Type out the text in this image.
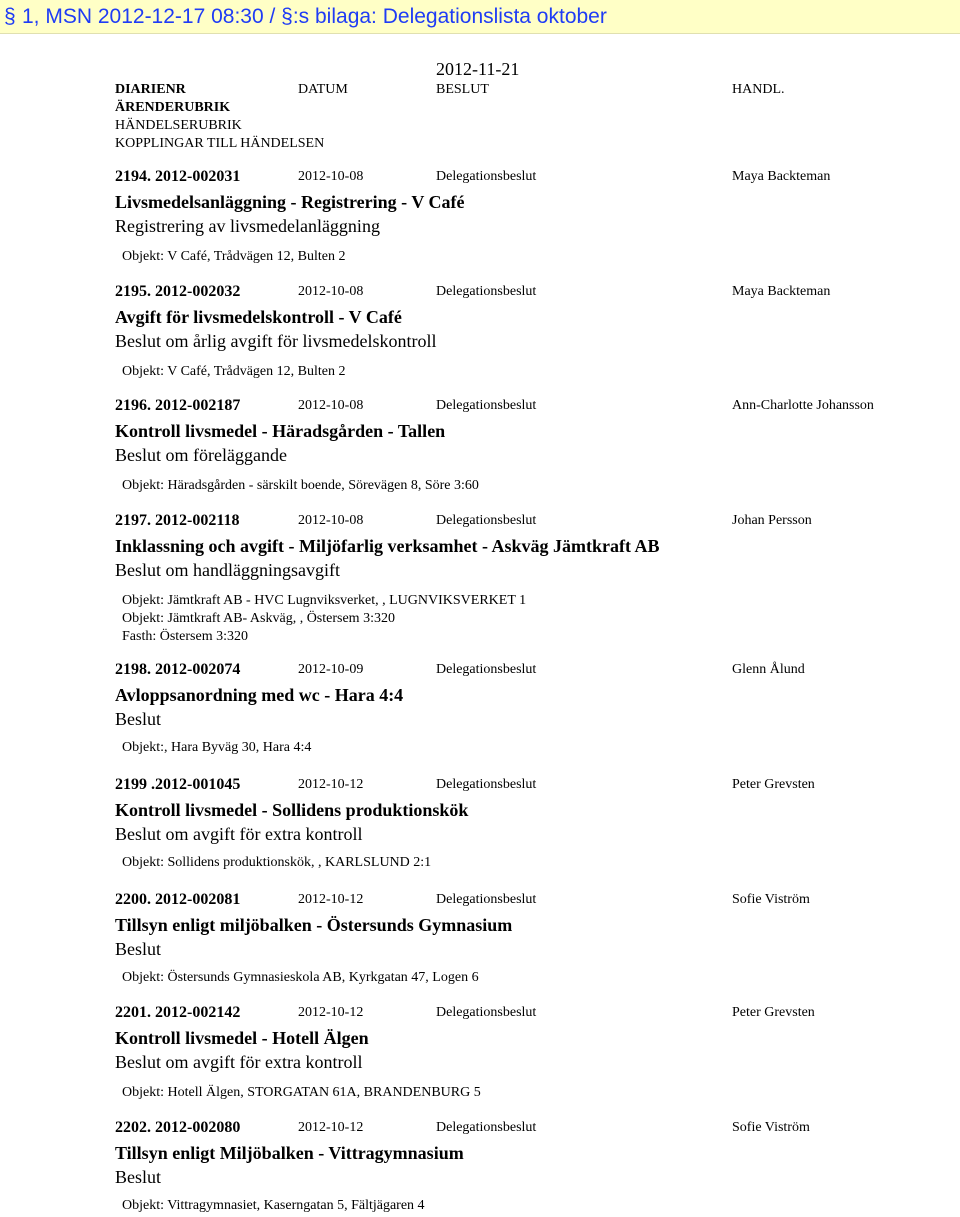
§ 1, MSN 2012-12-17 08:30 / §:s bilaga: Delegationslista oktober
2012-11-21
DIARIENR	DATUM	BESLUT	HANDL.
ÄRENDERUBRIK
HÄNDELSERUBRIK
KOPPLINGAR TILL HÄNDELSEN
2194. 2012-002031	2012-10-08	Delegationsbeslut	Maya Backteman
Livsmedelsanläggning - Registrering - V Café
Registrering av livsmedelanläggning
Objekt: V Café, Trådvägen 12, Bulten 2
2195. 2012-002032	2012-10-08	Delegationsbeslut	Maya Backteman
Avgift för livsmedelskontroll - V Café
Beslut om årlig avgift för livsmedelskontroll
Objekt: V Café, Trådvägen 12, Bulten 2
2196. 2012-002187	2012-10-08	Delegationsbeslut	Ann-Charlotte Johansson
Kontroll livsmedel - Häradsgården - Tallen
Beslut om föreläggande
Objekt: Häradsgården - särskilt boende, Sörevägen 8, Söre 3:60
2197. 2012-002118	2012-10-08	Delegationsbeslut	Johan Persson
Inklassning och avgift - Miljöfarlig verksamhet - Askväg Jämtkraft AB
Beslut om handläggningsavgift
Objekt: Jämtkraft AB - HVC Lugnviksverket, , LUGNVIKSVERKET 1
Objekt: Jämtkraft AB- Askväg, , Östersem 3:320
Fasth: Östersem 3:320
2198. 2012-002074	2012-10-09	Delegationsbeslut	Glenn Ålund
Avloppsanordning med wc - Hara 4:4
Beslut
Objekt:, Hara Byväg 30, Hara 4:4
2199 .2012-001045	2012-10-12	Delegationsbeslut	Peter Grevsten
Kontroll livsmedel - Sollidens produktionskök
Beslut om avgift för extra kontroll
Objekt: Sollidens produktionskök, , KARLSLUND 2:1
2200. 2012-002081	2012-10-12	Delegationsbeslut	Sofie Viström
Tillsyn enligt miljöbalken - Östersunds Gymnasium
Beslut
Objekt: Östersunds Gymnasieskola AB, Kyrkgatan 47, Logen 6
2201. 2012-002142	2012-10-12	Delegationsbeslut	Peter Grevsten
Kontroll livsmedel - Hotell Älgen
Beslut om avgift för extra kontroll
Objekt: Hotell Älgen, STORGATAN 61A, BRANDENBURG 5
2202. 2012-002080	2012-10-12	Delegationsbeslut	Sofie Viström
Tillsyn enligt Miljöbalken - Vittragymnasium
Beslut
Objekt: Vittragymnasiet, Kaserngatan 5, Fältjägaren 4
